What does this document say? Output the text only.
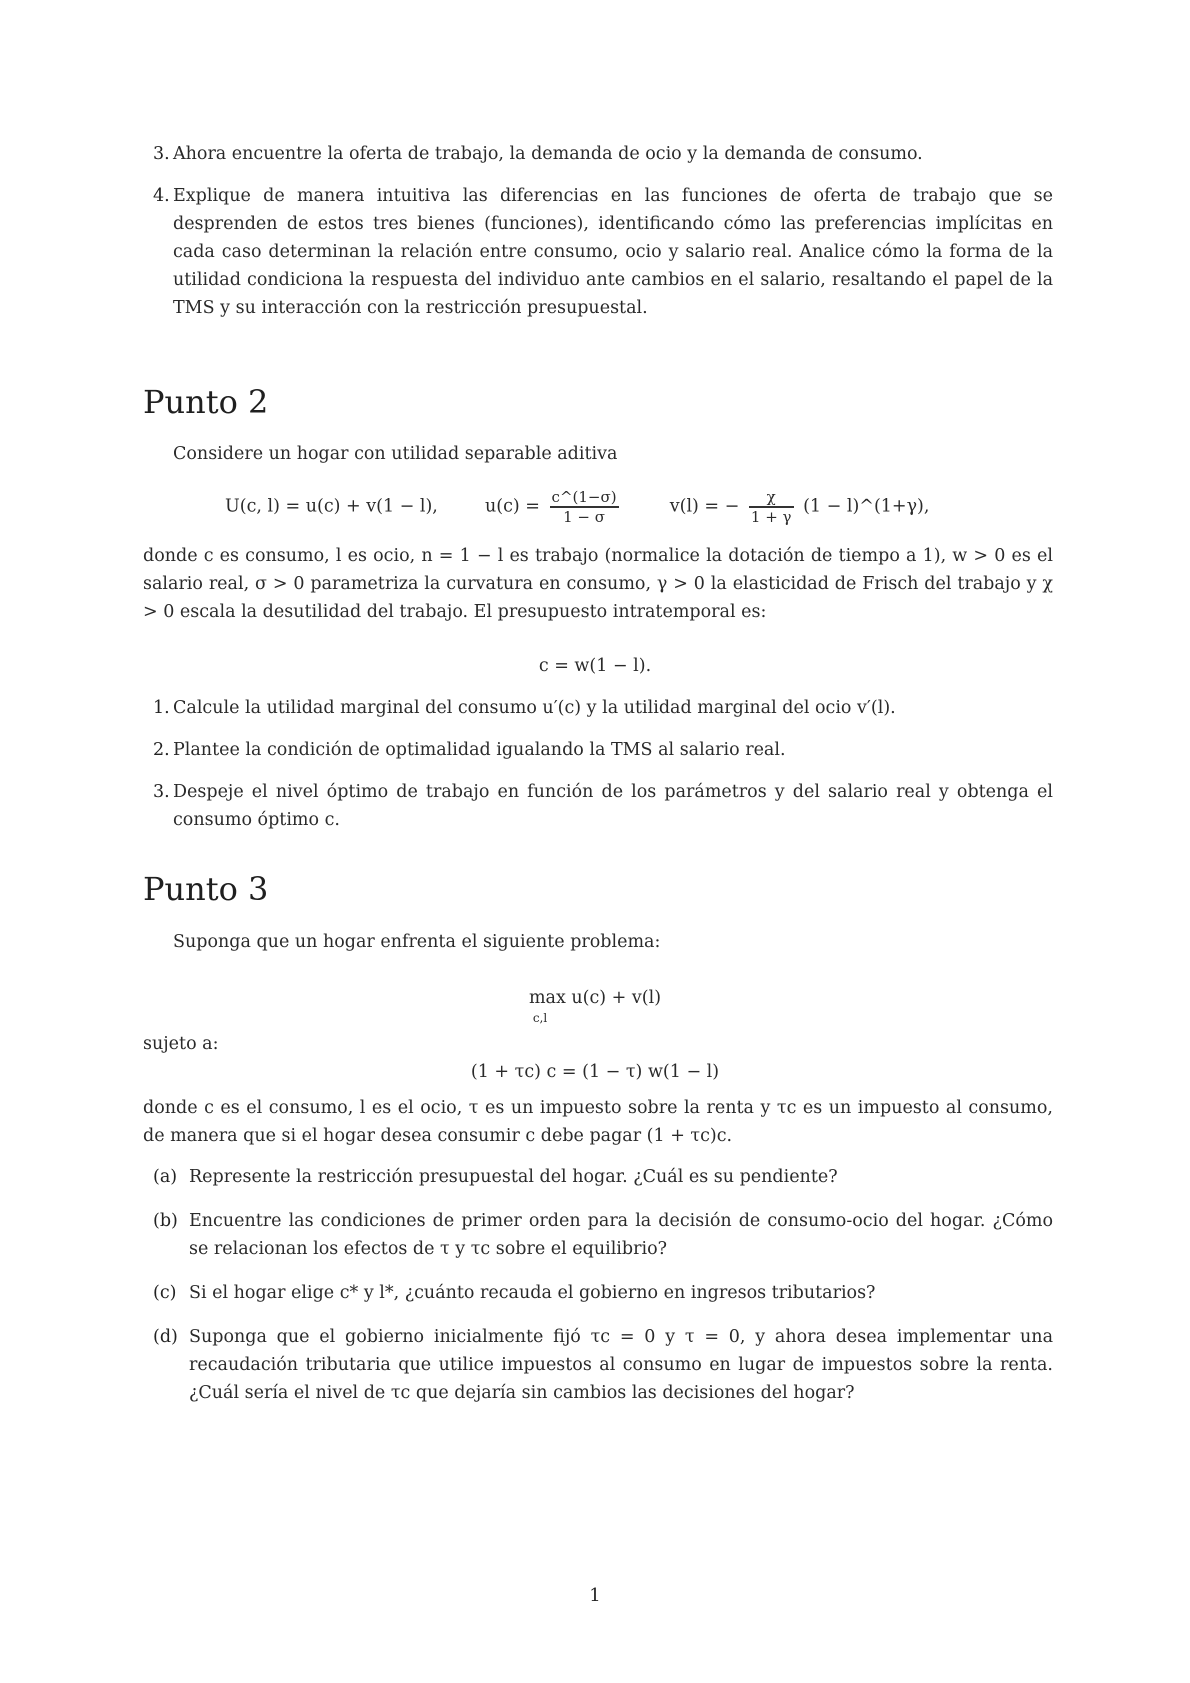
3. Ahora encuentre la oferta de trabajo, la demanda de ocio y la demanda de consumo.
4. Explique de manera intuitiva las diferencias en las funciones de oferta de trabajo que se desprenden de estos tres bienes (funciones), identificando cómo las preferencias implícitas en cada caso determinan la relación entre consumo, ocio y salario real. Analice cómo la forma de la utilidad condiciona la respuesta del individuo ante cambios en el salario, resaltando el papel de la TMS y su interacción con la restricción presupuestal.
Punto 2

Considere un hogar con utilidad separable aditiva

U(c, l) = u(c) + v(1 − l),	$u(c) = \frac{c\^{}(1-\sigma)}{1 - \sigma}$	v(l) = − $\frac{\chi}{1 + \gamma} (1$ − l)^(1+γ),

donde c es consumo, l es ocio, n = 1 − l es trabajo (normalice la dotación de tiempo a 1), w > 0 es el salario real, σ > 0 parametriza la curvatura en consumo, γ > 0 la elasticidad de Frisch del trabajo y χ > 0 escala la desutilidad del trabajo. El presupuesto intratemporal es:

c = w(1 − l).
1. Calcule la utilidad marginal del consumo u′(c) y la utilidad marginal del ocio v′(l).
2. Plantee la condición de optimalidad igualando la TMS al salario real.
3. Despeje el nivel óptimo de trabajo en función de los parámetros y del salario real y obtenga el consumo óptimo c.
Punto 3

Suponga que un hogar enfrenta el siguiente problema:

max u(c) + v(l)
c,l

sujeto a:

(1 + τc) c = (1 − τ) w(1 − l)

donde c es el consumo, l es el ocio, τ es un impuesto sobre la renta y τc es un impuesto al consumo, de manera que si el hogar desea consumir c debe pagar (1 + τc)c.

(a) Represente la restricción presupuestal del hogar. ¿Cuál es su pendiente?
(b) Encuentre las condiciones de primer orden para la decisión de consumo-ocio del hogar. ¿Cómo se relacionan los efectos de τ y τc sobre el equilibrio?
(c) Si el hogar elige c* y l*, ¿cuánto recauda el gobierno en ingresos tributarios?
(d) Suponga que el gobierno inicialmente fijó τc = 0 y τ = 0, y ahora desea implementar una recaudación tributaria que utilice impuestos al consumo en lugar de impuestos sobre la renta. ¿Cuál sería el nivel de τc que dejaría sin cambios las decisiones del hogar?
1
